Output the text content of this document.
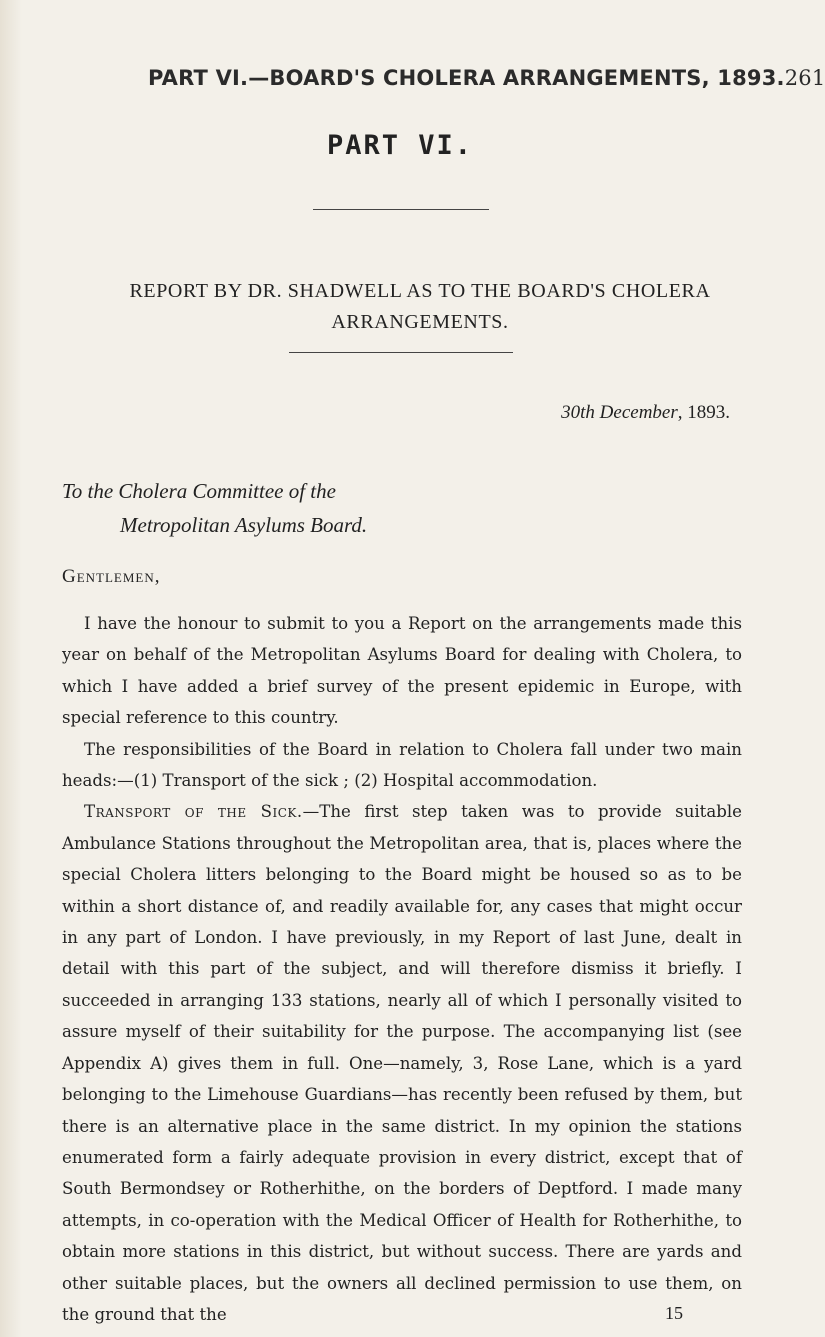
PART VI.—BOARD'S CHOLERA ARRANGEMENTS, 1893. 261
PART VI.
REPORT BY DR. SHADWELL AS TO THE BOARD'S CHOLERA
ARRANGEMENTS.
30th December, 1893.
To the Cholera Committee of the
Metropolitan Asylums Board.
Gentlemen,

I have the honour to submit to you a Report on the arrangements made this year on behalf of the Metropolitan Asylums Board for dealing with Cholera, to which I have added a brief survey of the present epidemic in Europe, with special reference to this country.

The responsibilities of the Board in relation to Cholera fall under two main heads:—(1) Transport of the sick ; (2) Hospital accommodation.

Transport of the Sick.—The first step taken was to provide suitable Ambulance Stations throughout the Metropolitan area, that is, places where the special Cholera litters belonging to the Board might be housed so as to be within a short distance of, and readily available for, any cases that might occur in any part of London. I have previously, in my Report of last June, dealt in detail with this part of the subject, and will therefore dismiss it briefly. I succeeded in arranging 133 stations, nearly all of which I personally visited to assure myself of their suitability for the purpose. The accompanying list (see Appendix A) gives them in full. One—namely, 3, Rose Lane, which is a yard belonging to the Limehouse Guardians—has recently been refused by them, but there is an alternative place in the same district. In my opinion the stations enumerated form a fairly adequate provision in every district, except that of South Bermondsey or Rotherhithe, on the borders of Deptford. I made many attempts, in co-operation with the Medical Officer of Health for Rotherhithe, to obtain more stations in this district, but without success. There are yards and other suitable places, but the owners all declined permission to use them, on the ground that the	15
